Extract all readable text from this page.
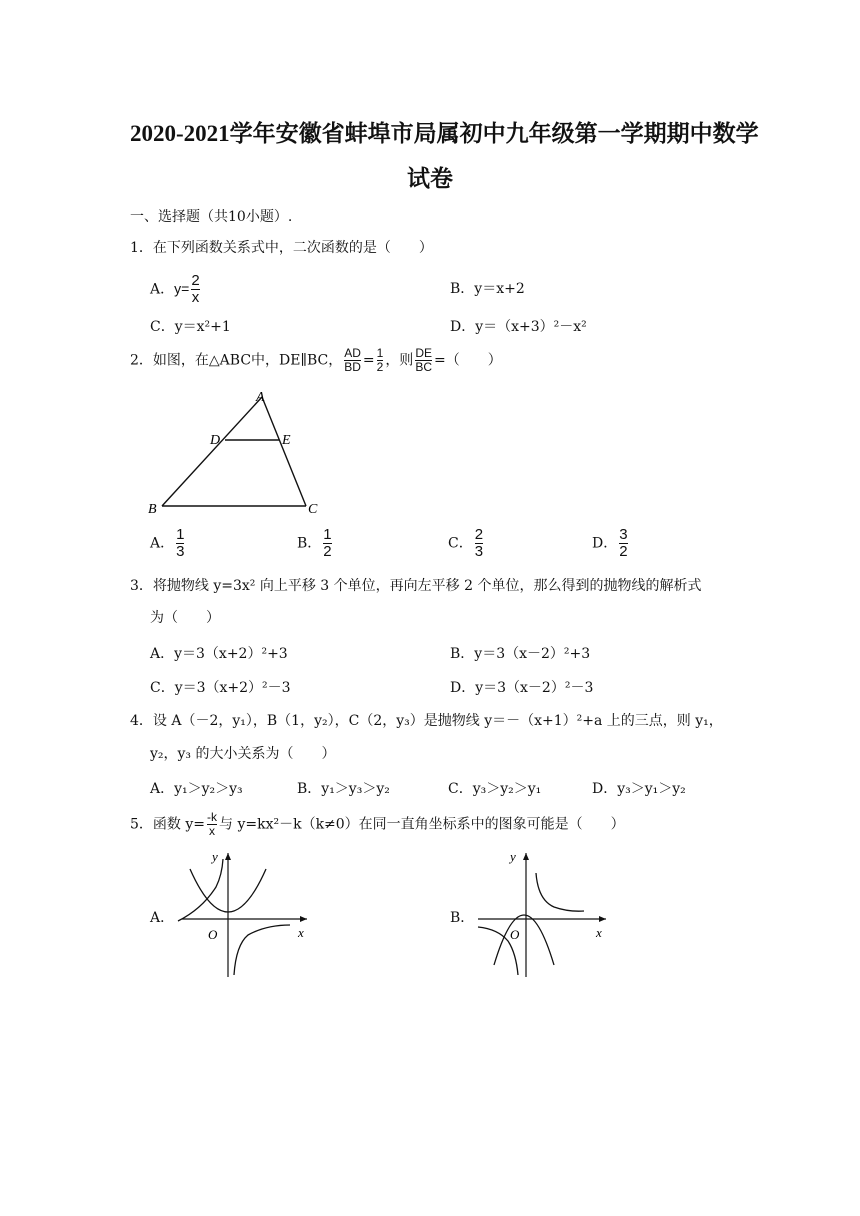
2020-2021学年安徽省蚌埠市局属初中九年级第一学期期中数学
试卷
一、选择题（共10小题）.
1．在下列函数关系式中，二次函数的是（　　）
A．$y= \frac{2}{x}$	B．y＝x+2
C．y＝x²+1	D．y＝（x+3）²－x²
2．如图，在△ABC中，DE∥BC， $\frac{AD}{BD} = \frac{1}{2}$ ，则 $\frac{DE}{BC}$ =（　　）
A
B	C
D	E
A． $\frac{1}{3}$	B． $\frac{1}{2}$	C． $\frac{2}{3}$	D． $\frac{3}{2}$
3．将抛物线 y=3x² 向上平移 3 个单位，再向左平移 2 个单位，那么得到的抛物线的解析式
为（　　）
A．y＝3（x+2）²+3	B．y＝3（x－2）²+3
C．y＝3（x+2）²－3	D．y＝3（x－2）²－3
4．设 A（－2，y₁），B（1，y₂），C（2，y₃）是抛物线 y＝－（x+1）²+a 上的三点，则 y₁，
y₂，y₃ 的大小关系为（　　）
A．y₁＞y₂＞y₃	B．y₁＞y₃＞y₂	C．y₃＞y₂＞y₁	D．y₃＞y₁＞y₂
5．函数 $y= \frac{-k}{x}$ 与 y=kx²－k（k≠0）在同一直角坐标系中的图象可能是（　　）
A．
y
x
O
B．
y
x
O
